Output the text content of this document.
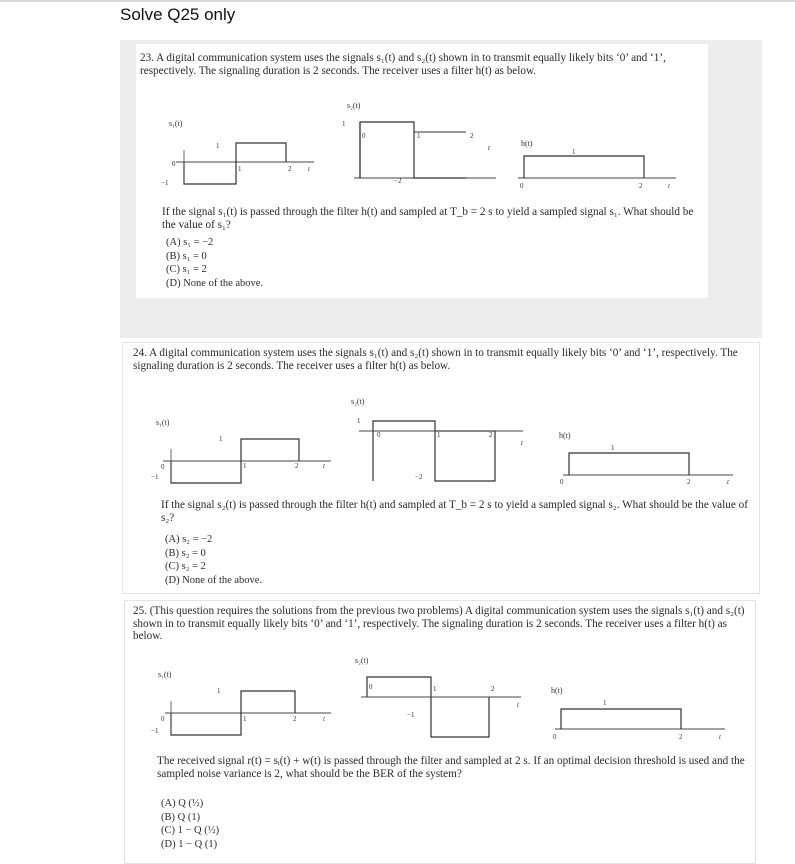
Solve Q25 only
23. A digital communication system uses the signals s₁(t) and s₂(t) shown in to transmit equally likely bits ‘0’ and ‘1’, respectively. The signaling duration is 2 seconds. The receiver uses a filter h(t) as below.
s₁(t)
1
0
−1
1	2 t
s₂(t)
1
0	1	2
t
−2
h(t)
1
0	2	t
If the signal s₁(t) is passed through the filter h(t) and sampled at T_b = 2 s to yield a sampled signal s₁. What should be the value of s₁?
(A) s₁ = −2
(B) s₁ = 0
(C) s₁ = 2
(D) None of the above.
24. A digital communication system uses the signals s₁(t) and s₂(t) shown in to transmit equally likely bits ‘0’ and ‘1’, respectively. The signaling duration is 2 seconds. The receiver uses a filter h(t) as below.
s₁(t)
1
0
−1
1	2	t
s₂(t)
1
0	1	2
t
−2
h(t)
1
0	2	t
If the signal s₂(t) is passed through the filter h(t) and sampled at T_b = 2 s to yield a sampled signal s₂. What should be the value of s₂?
(A) s₂ = −2
(B) s₂ = 0
(C) s₂ = 2
(D) None of the above.
25. (This question requires the solutions from the previous two problems) A digital communication system uses the signals s₁(t) and s₂(t) shown in to transmit equally likely bits ‘0’ and ‘1’, respectively. The signaling duration is 2 seconds. The receiver uses a filter h(t) as below.
s₁(t)
1
0
−1
1	2	t
s₂(t)
0	1	2
t
−1
h(t)
1
0	2	t
The received signal r(t) = sᵢ(t) + w(t) is passed through the filter and sampled at 2 s. If an optimal decision threshold is used and the sampled noise variance is 2, what should be the BER of the system?
(A) Q (½)
(B) Q (1)
(C) 1 − Q (½)
(D) 1 − Q (1)
